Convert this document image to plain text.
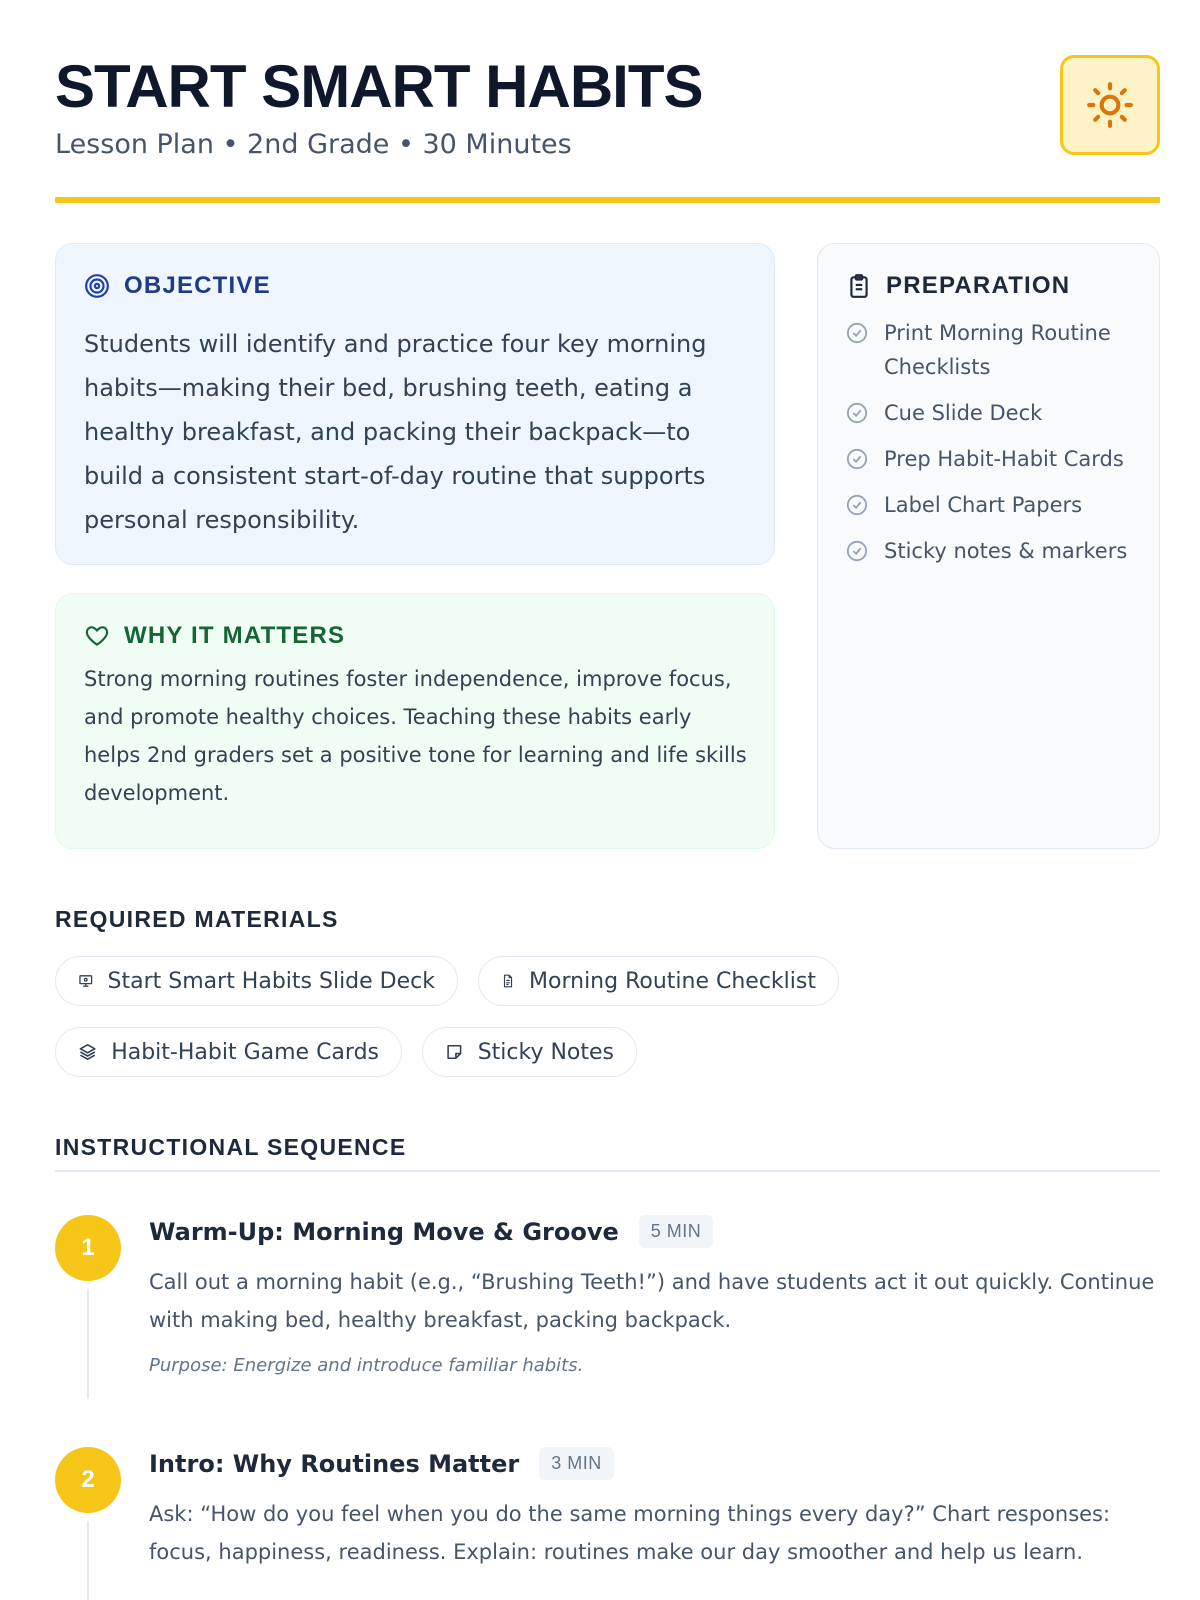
START SMART HABITS
Lesson Plan • 2nd Grade • 30 Minutes
OBJECTIVE

Students will identify and practice four key morning habits—making their bed, brushing teeth, eating a healthy breakfast, and packing their backpack—to build a consistent start-of-day routine that supports personal responsibility.

WHY IT MATTERS

Strong morning routines foster independence, improve focus, and promote healthy choices. Teaching these habits early helps 2nd graders set a positive tone for learning and life skills development.

PREPARATION
Print Morning Routine Checklists
Cue Slide Deck
Prep Habit-Habit Cards
Label Chart Papers
Sticky notes & markers
REQUIRED MATERIALS
Start Smart Habits Slide Deck	Morning Routine Checklist
Habit-Habit Game Cards	Sticky Notes
INSTRUCTIONAL SEQUENCE
1
Warm-Up: Morning Move & Groove	5 MIN

Call out a morning habit (e.g., “Brushing Teeth!”) and have students act it out quickly. Continue with making bed, healthy breakfast, packing backpack.

Purpose: Energize and introduce familiar habits.

2
Intro: Why Routines Matter	3 MIN

Ask: “How do you feel when you do the same morning things every day?” Chart responses: focus, happiness, readiness. Explain: routines make our day smoother and help us learn.
